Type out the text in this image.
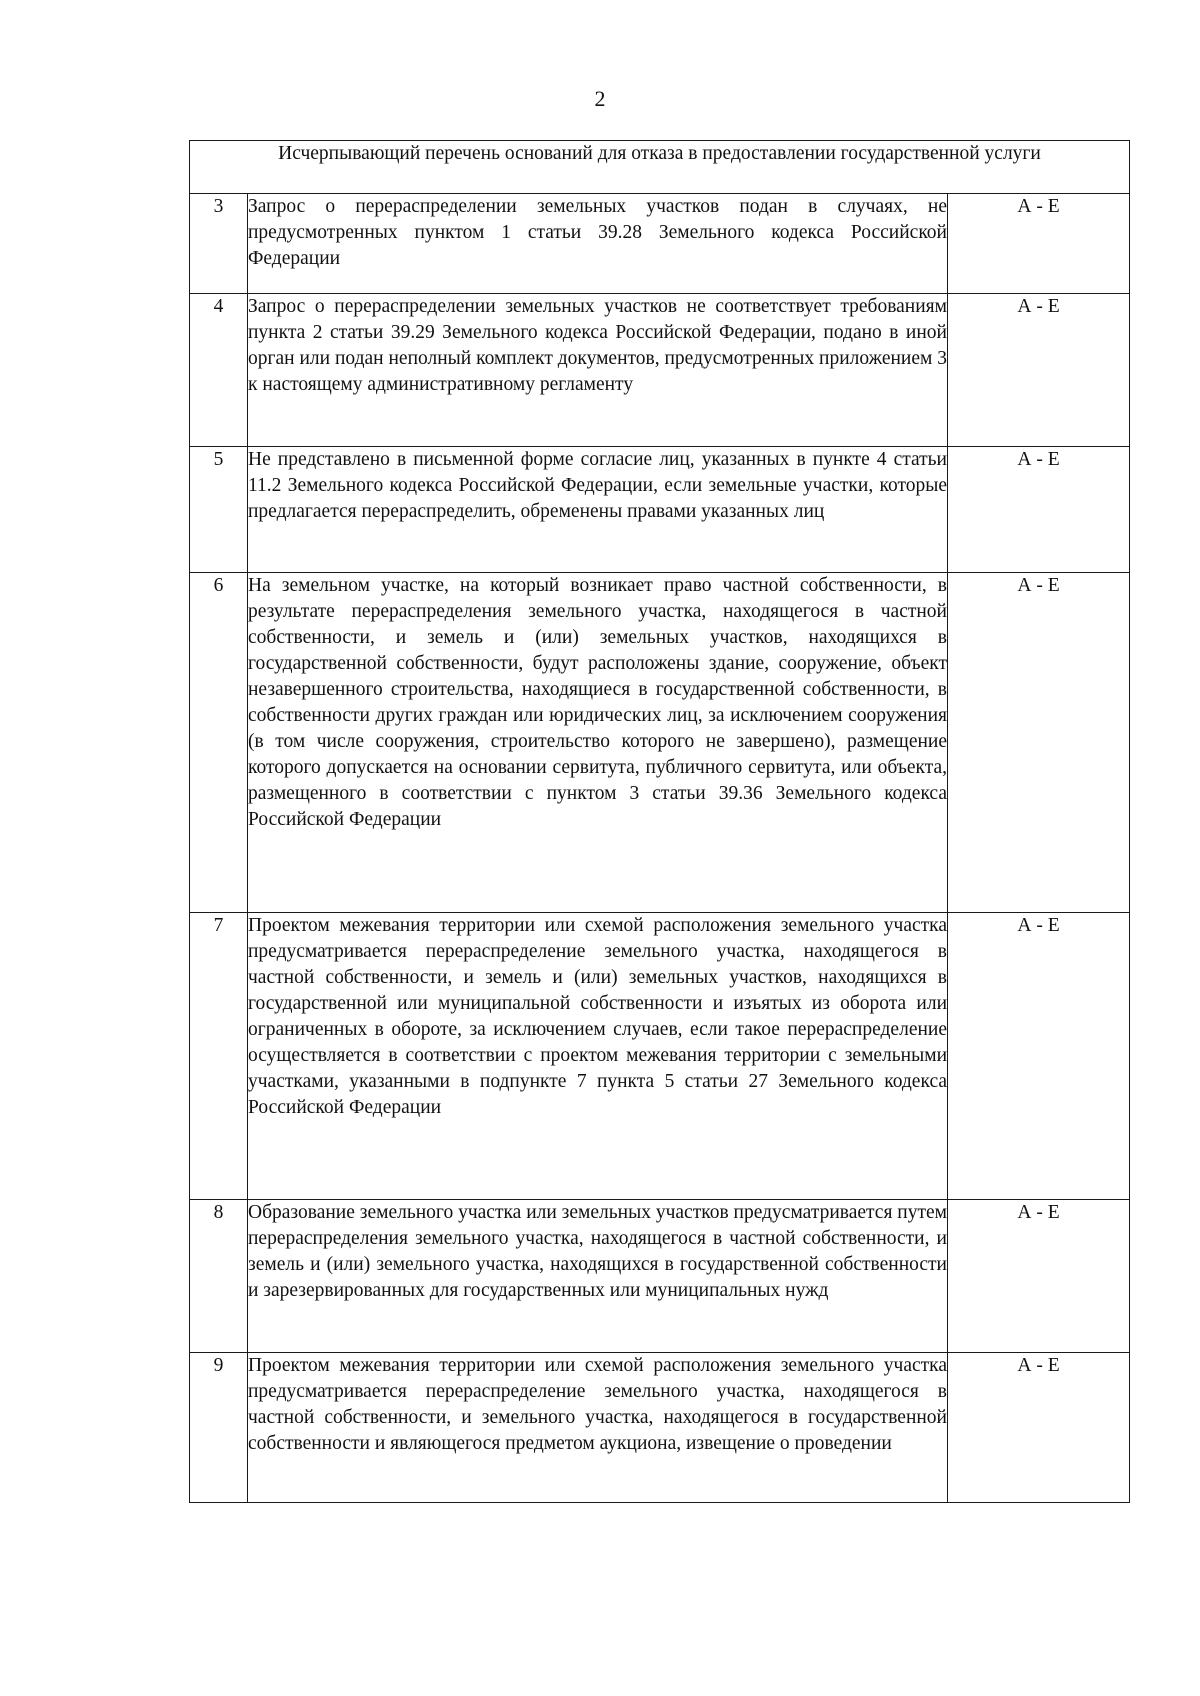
2
Исчерпывающий перечень оснований для отказа в предоставлении государственной услуги		
3	Запрос о перераспределении земельных участков подан в случаях, не предусмотренных пунктом 1 статьи 39.28 Земельного кодекса Российской Федерации	А - Е
4	Запрос о перераспределении земельных участков не соответствует требованиям пункта 2 статьи 39.29 Земельного кодекса Российской Федерации, подано в иной орган или подан неполный комплект документов, предусмотренных приложением 3 к настоящему административному регламенту	А - Е
5	Не представлено в письменной форме согласие лиц, указанных в пункте 4 статьи 11.2 Земельного кодекса Российской Федерации, если земельные участки, которые предлагается перераспределить, обременены правами указанных лиц	А - Е
6	На земельном участке, на который возникает право частной собственности, в результате перераспределения земельного участка, находящегося в частной собственности, и земель и (или) земельных участков, находящихся в государственной собственности, будут расположены здание, сооружение, объект незавершенного строительства, находящиеся в государственной собственности, в собственности других граждан или юридических лиц, за исключением сооружения (в том числе сооружения, строительство которого не завершено), размещение которого допускается на основании сервитута, публичного сервитута, или объекта, размещенного в соответствии с пунктом 3 статьи 39.36 Земельного кодекса Российской Федерации	А - Е
7	Проектом межевания территории или схемой расположения земельного участка предусматривается перераспределение земельного участка, находящегося в частной собственности, и земель и (или) земельных участков, находящихся в государственной или муниципальной собственности и изъятых из оборота или ограниченных в обороте, за исключением случаев, если такое перераспределение осуществляется в соответствии с проектом межевания территории с земельными участками, указанными в подпункте 7 пункта 5 статьи 27 Земельного кодекса Российской Федерации	А - Е
8	Образование земельного участка или земельных участков предусматривается путем перераспределения земельного участка, находящегося в частной собственности, и земель и (или) земельного участка, находящихся в государственной собственности и зарезервированных для государственных или муниципальных нужд	А - Е
9	Проектом межевания территории или схемой расположения земельного участка предусматривается перераспределение земельного участка, находящегося в частной собственности, и земельного участка, находящегося в государственной собственности и являющегося предметом аукциона, извещение о проведении	А - Е
